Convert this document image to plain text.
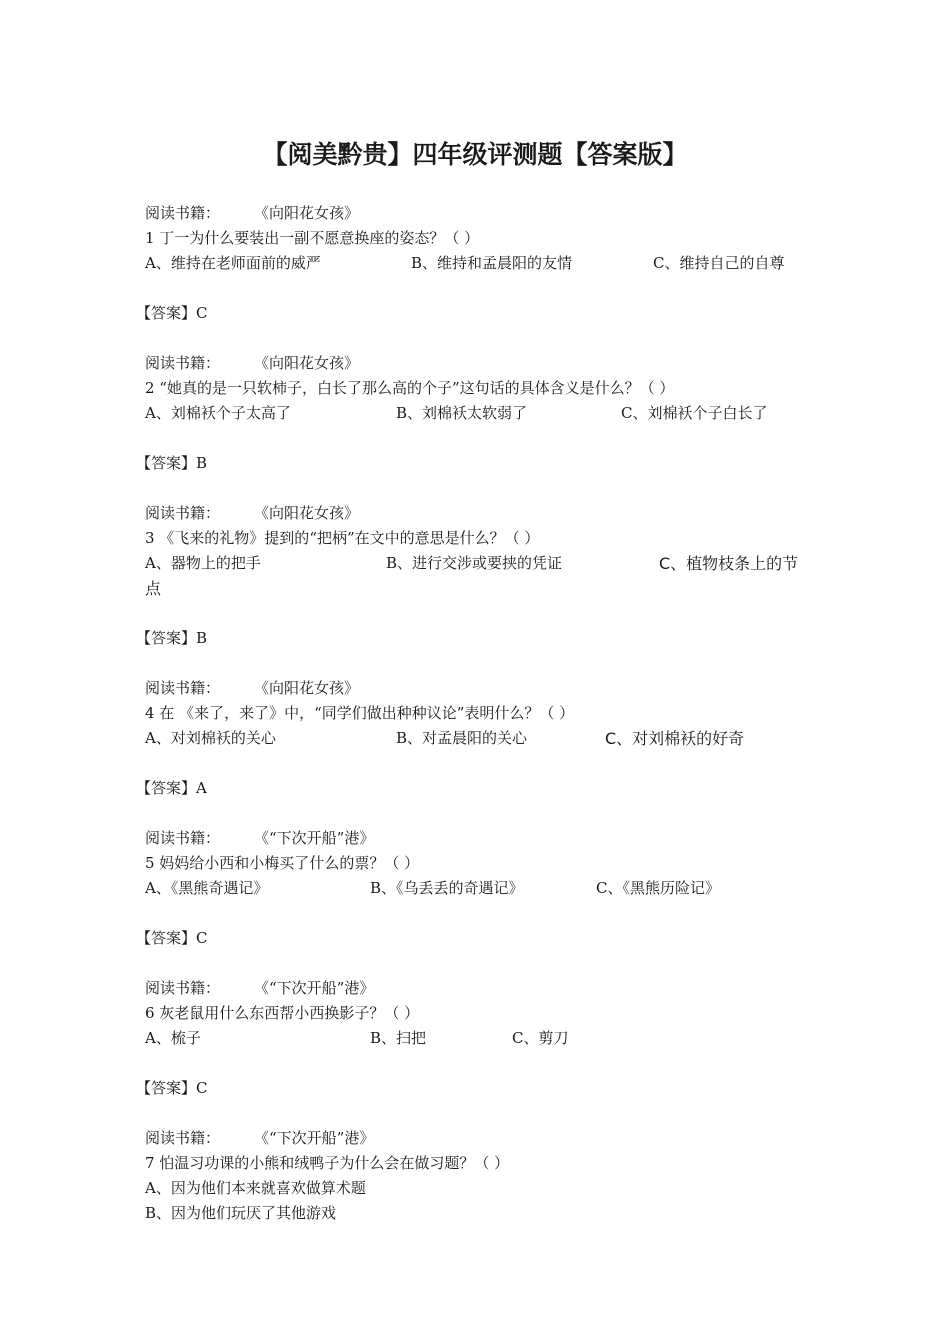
【阅美黔贵】四年级评测题【答案版】
阅读书籍： 《向阳花女孩》
1 丁一为什么要装出一副不愿意换座的姿态？（ ）
A、维持在老师面前的威严	B、维持和孟晨阳的友情	C、维持自己的自尊
【答案】C
阅读书籍： 《向阳花女孩》
2 “她真的是一只软柿子，白长了那么高的个子”这句话的具体含义是什么？（ ）
A、刘棉袄个子太高了	B、刘棉袄太软弱了	C、刘棉袄个子白长了
【答案】B
阅读书籍： 《向阳花女孩》
3 《飞来的礼物》提到的“把柄”在文中的意思是什么？（ ）
A、器物上的把手	B、进行交涉或要挟的凭证	C、植物枝条上的节
点
【答案】B
阅读书籍： 《向阳花女孩》
4 在 《来了，来了》中，“同学们做出种种议论”表明什么？（ ）
A、对刘棉袄的关心	B、对孟晨阳的关心	C、对刘棉袄的好奇
【答案】A
阅读书籍： 《“下次开船”港》
5 妈妈给小西和小梅买了什么的票？（ ）
A、《黑熊奇遇记》	B、《乌丢丢的奇遇记》	C、《黑熊历险记》
【答案】C
阅读书籍： 《“下次开船”港》
6 灰老鼠用什么东西帮小西换影子？（ ）
A、梳子	B、扫把	C、剪刀
【答案】C
阅读书籍： 《“下次开船”港》
7 怕温习功课的小熊和绒鸭子为什么会在做习题？（ ）
A、因为他们本来就喜欢做算术题
B、因为他们玩厌了其他游戏
